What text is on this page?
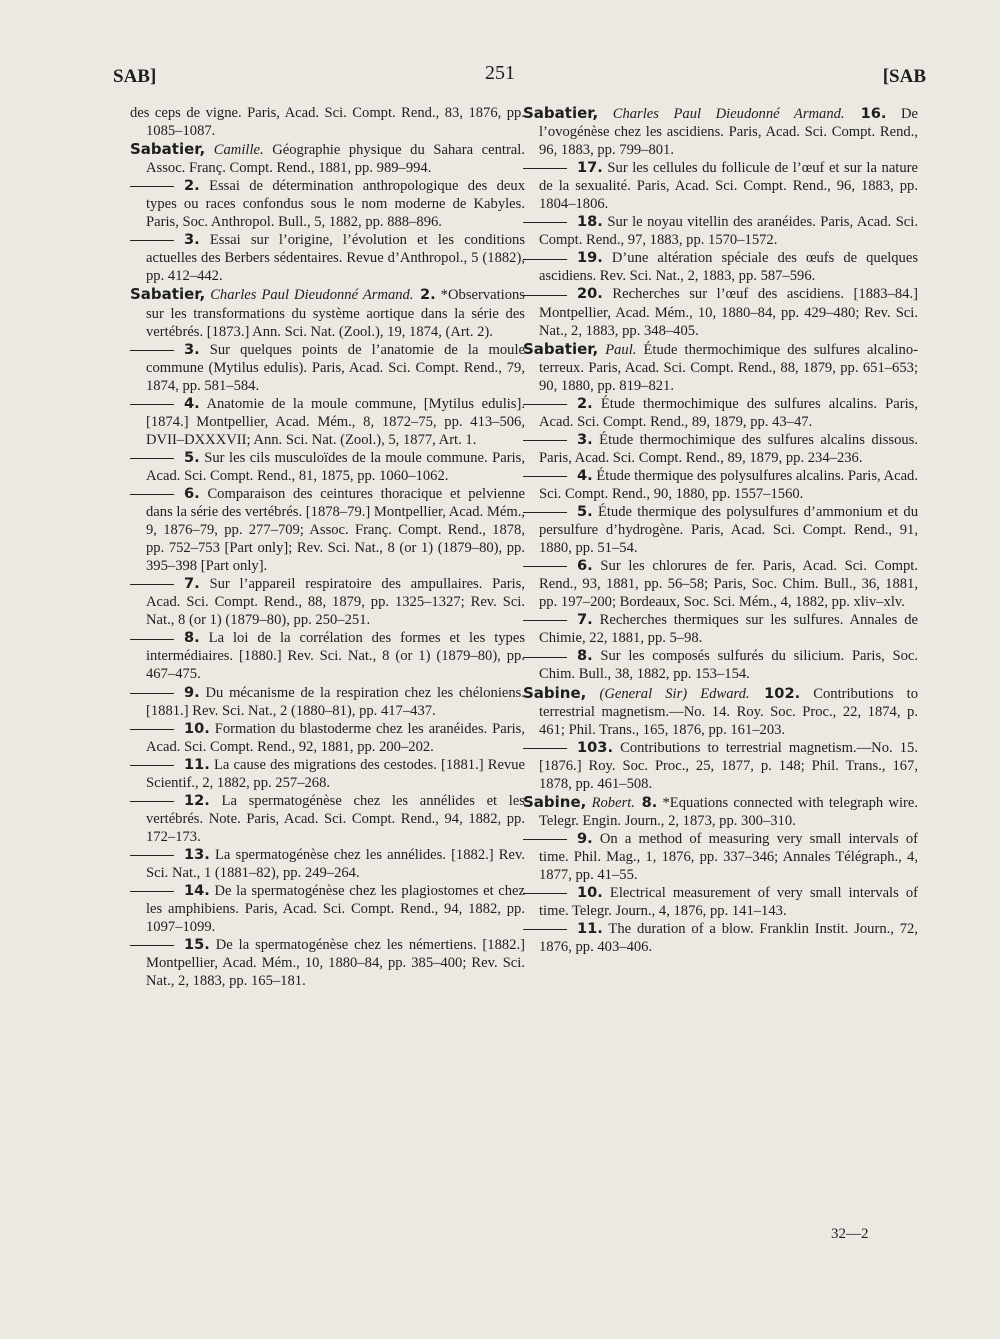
SAB]	251	[SAB

des ceps de vigne. Paris, Acad. Sci. Compt. Rend., 83, 1876, pp. 1085–1087.

Sabatier, Camille. Géographie physique du Sahara central. Assoc. Franç. Compt. Rend., 1881, pp. 989–994.

2. Essai de détermination anthropologique des deux types ou races confondus sous le nom moderne de Kabyles. Paris, Soc. Anthropol. Bull., 5, 1882, pp. 888–896.

3. Essai sur l’origine, l’évolution et les conditions actuelles des Berbers sédentaires. Revue d’Anthropol., 5 (1882), pp. 412–442.

Sabatier, Charles Paul Dieudonné Armand. 2. *Observations sur les transformations du système aortique dans la série des vertébrés. [1873.] Ann. Sci. Nat. (Zool.), 19, 1874, (Art. 2).

3. Sur quelques points de l’anatomie de la moule commune (Mytilus edulis). Paris, Acad. Sci. Compt. Rend., 79, 1874, pp. 581–584.

4. Anatomie de la moule commune, [Mytilus edulis]. [1874.] Montpellier, Acad. Mém., 8, 1872–75, pp. 413–506, DVII–DXXXVII; Ann. Sci. Nat. (Zool.), 5, 1877, Art. 1.

5. Sur les cils musculoïdes de la moule commune. Paris, Acad. Sci. Compt. Rend., 81, 1875, pp. 1060–1062.

6. Comparaison des ceintures thoracique et pelvienne dans la série des vertébrés. [1878–79.] Montpellier, Acad. Mém., 9, 1876–79, pp. 277–709; Assoc. Franç. Compt. Rend., 1878, pp. 752–753 [Part only]; Rev. Sci. Nat., 8 (or 1) (1879–80), pp. 395–398 [Part only].

7. Sur l’appareil respiratoire des ampullaires. Paris, Acad. Sci. Compt. Rend., 88, 1879, pp. 1325–1327; Rev. Sci. Nat., 8 (or 1) (1879–80), pp. 250–251.

8. La loi de la corrélation des formes et les types intermédiaires. [1880.] Rev. Sci. Nat., 8 (or 1) (1879–80), pp. 467–475.

9. Du mécanisme de la respiration chez les chéloniens. [1881.] Rev. Sci. Nat., 2 (1880–81), pp. 417–437.

10. Formation du blastoderme chez les aranéides. Paris, Acad. Sci. Compt. Rend., 92, 1881, pp. 200–202.

11. La cause des migrations des cestodes. [1881.] Revue Scientif., 2, 1882, pp. 257–268.

12. La spermatogénèse chez les annélides et les vertébrés. Note. Paris, Acad. Sci. Compt. Rend., 94, 1882, pp. 172–173.

13. La spermatogénèse chez les annélides. [1882.] Rev. Sci. Nat., 1 (1881–82), pp. 249–264.

14. De la spermatogénèse chez les plagiostomes et chez les amphibiens. Paris, Acad. Sci. Compt. Rend., 94, 1882, pp. 1097–1099.

15. De la spermatogénèse chez les némertiens. [1882.] Montpellier, Acad. Mém., 10, 1880–84, pp. 385–400; Rev. Sci. Nat., 2, 1883, pp. 165–181.

Sabatier, Charles Paul Dieudonné Armand. 16. De l’ovogénèse chez les ascidiens. Paris, Acad. Sci. Compt. Rend., 96, 1883, pp. 799–801.

17. Sur les cellules du follicule de l’œuf et sur la nature de la sexualité. Paris, Acad. Sci. Compt. Rend., 96, 1883, pp. 1804–1806.

18. Sur le noyau vitellin des aranéides. Paris, Acad. Sci. Compt. Rend., 97, 1883, pp. 1570–1572.

19. D’une altération spéciale des œufs de quelques ascidiens. Rev. Sci. Nat., 2, 1883, pp. 587–596.

20. Recherches sur l’œuf des ascidiens. [1883–84.] Montpellier, Acad. Mém., 10, 1880–84, pp. 429–480; Rev. Sci. Nat., 2, 1883, pp. 348–405.

Sabatier, Paul. Étude thermochimique des sulfures alcalino-terreux. Paris, Acad. Sci. Compt. Rend., 88, 1879, pp. 651–653; 90, 1880, pp. 819–821.

2. Étude thermochimique des sulfures alcalins. Paris, Acad. Sci. Compt. Rend., 89, 1879, pp. 43–47.

3. Étude thermochimique des sulfures alcalins dissous. Paris, Acad. Sci. Compt. Rend., 89, 1879, pp. 234–236.

4. Étude thermique des polysulfures alcalins. Paris, Acad. Sci. Compt. Rend., 90, 1880, pp. 1557–1560.

5. Étude thermique des polysulfures d’ammonium et du persulfure d’hydrogène. Paris, Acad. Sci. Compt. Rend., 91, 1880, pp. 51–54.

6. Sur les chlorures de fer. Paris, Acad. Sci. Compt. Rend., 93, 1881, pp. 56–58; Paris, Soc. Chim. Bull., 36, 1881, pp. 197–200; Bordeaux, Soc. Sci. Mém., 4, 1882, pp. xliv–xlv.

7. Recherches thermiques sur les sulfures. Annales de Chimie, 22, 1881, pp. 5–98.

8. Sur les composés sulfurés du silicium. Paris, Soc. Chim. Bull., 38, 1882, pp. 153–154.

Sabine, (General Sir) Edward. 102. Contributions to terrestrial magnetism.—No. 14. Roy. Soc. Proc., 22, 1874, p. 461; Phil. Trans., 165, 1876, pp. 161–203.

103. Contributions to terrestrial magnetism.—No. 15. [1876.] Roy. Soc. Proc., 25, 1877, p. 148; Phil. Trans., 167, 1878, pp. 461–508.

Sabine, Robert. 8. *Equations connected with telegraph wire. Telegr. Engin. Journ., 2, 1873, pp. 300–310.

9. On a method of measuring very small intervals of time. Phil. Mag., 1, 1876, pp. 337–346; Annales Télégraph., 4, 1877, pp. 41–55.

10. Electrical measurement of very small intervals of time. Telegr. Journ., 4, 1876, pp. 141–143.

11. The duration of a blow. Franklin Instit. Journ., 72, 1876, pp. 403–406.

32—2
